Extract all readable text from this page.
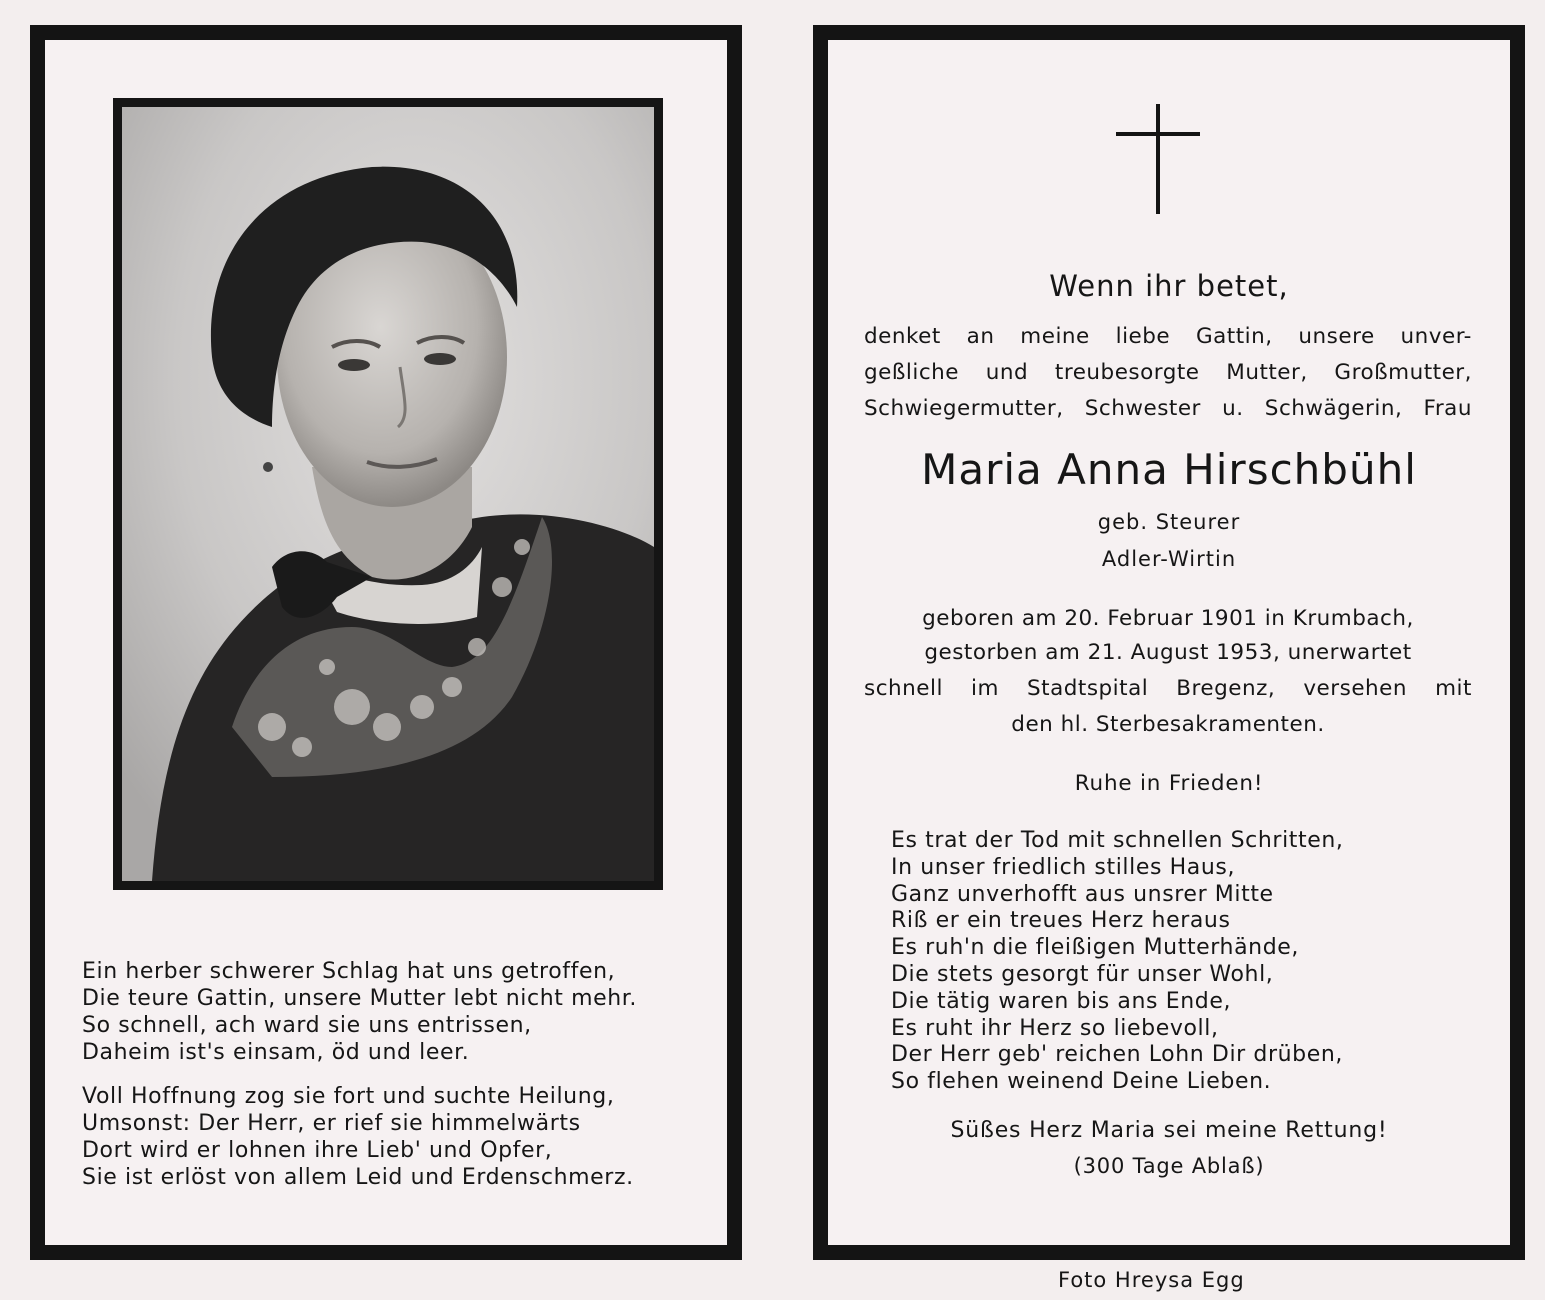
Ein herber schwerer Schlag hat uns getroffen,
Die teure Gattin, unsere Mutter lebt nicht mehr.
So schnell, ach ward sie uns entrissen,
Daheim ist's einsam, öd und leer.
Voll Hoffnung zog sie fort und suchte Heilung,
Umsonst: Der Herr, er rief sie himmelwärts
Dort wird er lohnen ihre Lieb' und Opfer,
Sie ist erlöst von allem Leid und Erdenschmerz.
Wenn ihr betet,
denket an meine liebe Gattin, unsere unver-
geßliche und treubesorgte Mutter, Großmutter,
Schwiegermutter, Schwester u. Schwägerin, Frau
Maria Anna Hirschbühl
geb. Steurer
Adler-Wirtin
geboren am 20. Februar 1901 in Krumbach,
gestorben am 21. August 1953, unerwartet
schnell im Stadtspital Bregenz, versehen mit
den hl. Sterbesakramenten.
Ruhe in Frieden!
Es trat der Tod mit schnellen Schritten,
In unser friedlich stilles Haus,
Ganz unverhofft aus unsrer Mitte
Riß er ein treues Herz heraus
Es ruh'n die fleißigen Mutterhände,
Die stets gesorgt für unser Wohl,
Die tätig waren bis ans Ende,
Es ruht ihr Herz so liebevoll,
Der Herr geb' reichen Lohn Dir drüben,
So flehen weinend Deine Lieben.
Süßes Herz Maria sei meine Rettung!
(300 Tage Ablaß)
Foto Hreysa Egg
